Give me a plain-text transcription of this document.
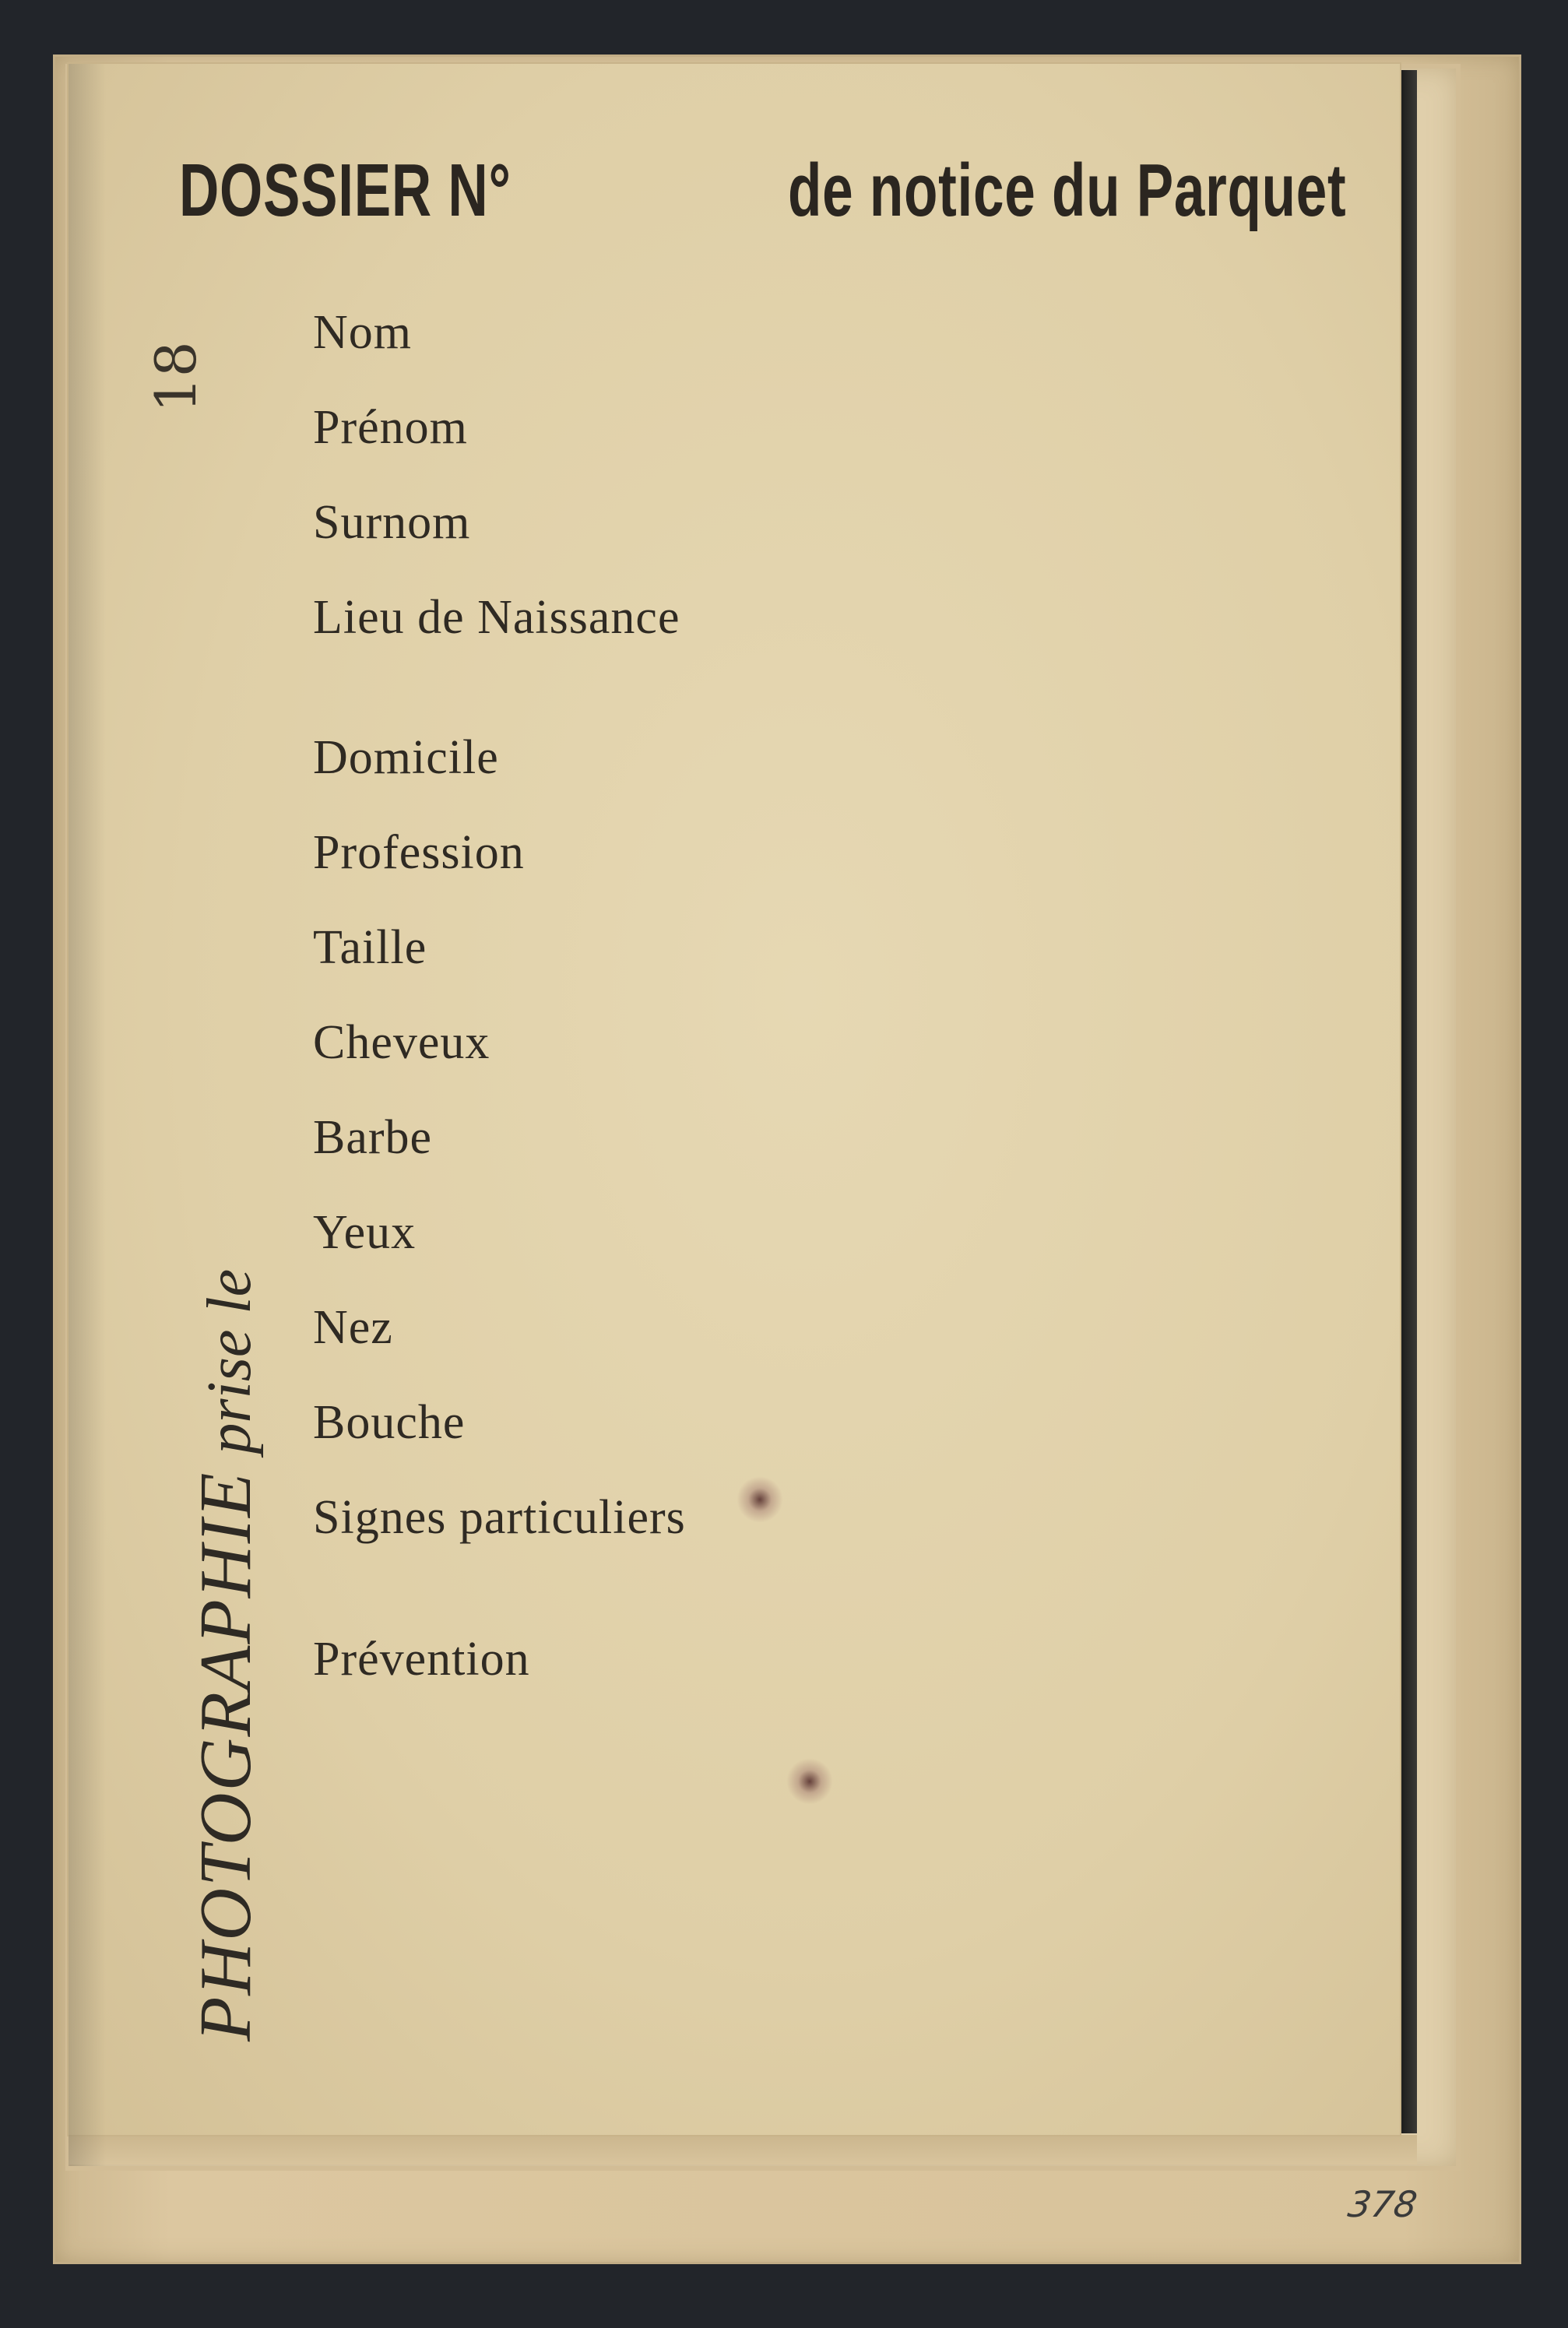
DOSSIER N°	de notice du Parquet
18
PHOTOGRAPHIEprise le
Nom
Prénom
Surnom
Lieu de Naissance
Domicile
Profession
Taille
Cheveux
Barbe
Yeux
Nez
Bouche
Signes particuliers
Prévention
378
